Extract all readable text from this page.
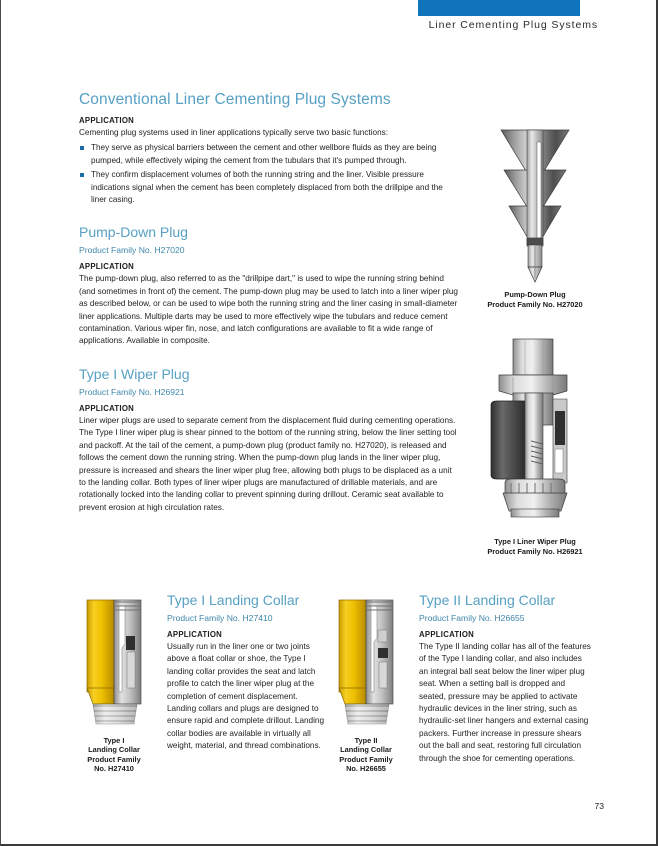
Liner Cementing Plug Systems
Conventional Liner Cementing Plug Systems
APPLICATION

Cementing plug systems used in liner applications typically serve two basic functions:

They serve as physical barriers between the cement and other wellbore fluids as they are being pumped, while effectively wiping the cement from the tubulars that it's pumped through.
They confirm displacement volumes of both the running string and the liner. Visible pressure indications signal when the cement has been completely displaced from both the drillpipe and the liner casing.
Pump-Down Plug
Product Family No. H27020
APPLICATION

The pump-down plug, also referred to as the "drillpipe dart," is used to wipe the running string behind (and sometimes in front of) the cement. The pump-down plug may be used to latch into a liner wiper plug as described below, or can be used to wipe both the running string and the liner casing in small-diameter liner applications. Multiple darts may be used to more effectively wipe the tubulars and reduce cement contamination. Various wiper fin, nose, and latch configurations are available to fit a wide range of applications. Available in composite.

Type I Wiper Plug
Product Family No. H26921
APPLICATION

Liner wiper plugs are used to separate cement from the displacement fluid during cementing operations. The Type I liner wiper plug is shear pinned to the bottom of the running string, below the liner setting tool and packoff. At the tail of the cement, a pump-down plug (product family no. H27020), is released and follows the cement down the running string. When the pump-down plug lands in the liner wiper plug, pressure is increased and shears the liner wiper plug free, allowing both plugs to be displaced as a unit to the landing collar. Both types of liner wiper plugs are manufactured of drillable materials, and are rotationally locked into the landing collar to prevent spinning during drillout. Ceramic seat available to prevent erosion at high circulation rates.

Pump-Down Plug
Product Family No. H27020
Type I Liner Wiper Plug
Product Family No. H26921
Type I
Landing Collar
Product Family
No. H27410
Type I Landing Collar
Product Family No. H27410
APPLICATION

Usually run in the liner one or two joints above a float collar or shoe, the Type I landing collar provides the seat and latch profile to catch the liner wiper plug at the completion of cement displacement. Landing collars and plugs are designed to ensure rapid and complete drillout. Landing collar bodies are available in virtually all weight, material, and thread combinations.

Type II
Landing Collar
Product Family
No. H26655
Type II Landing Collar
Product Family No. H26655
APPLICATION

The Type II landing collar has all of the features of the Type I landing collar, and also includes an integral ball seat below the liner wiper plug seat. When a setting ball is dropped and seated, pressure may be applied to activate hydraulic devices in the liner string, such as hydraulic-set liner hangers and external casing packers. Further increase in pressure shears out the ball and seat, restoring full circulation through the shoe for cementing operations.

73
